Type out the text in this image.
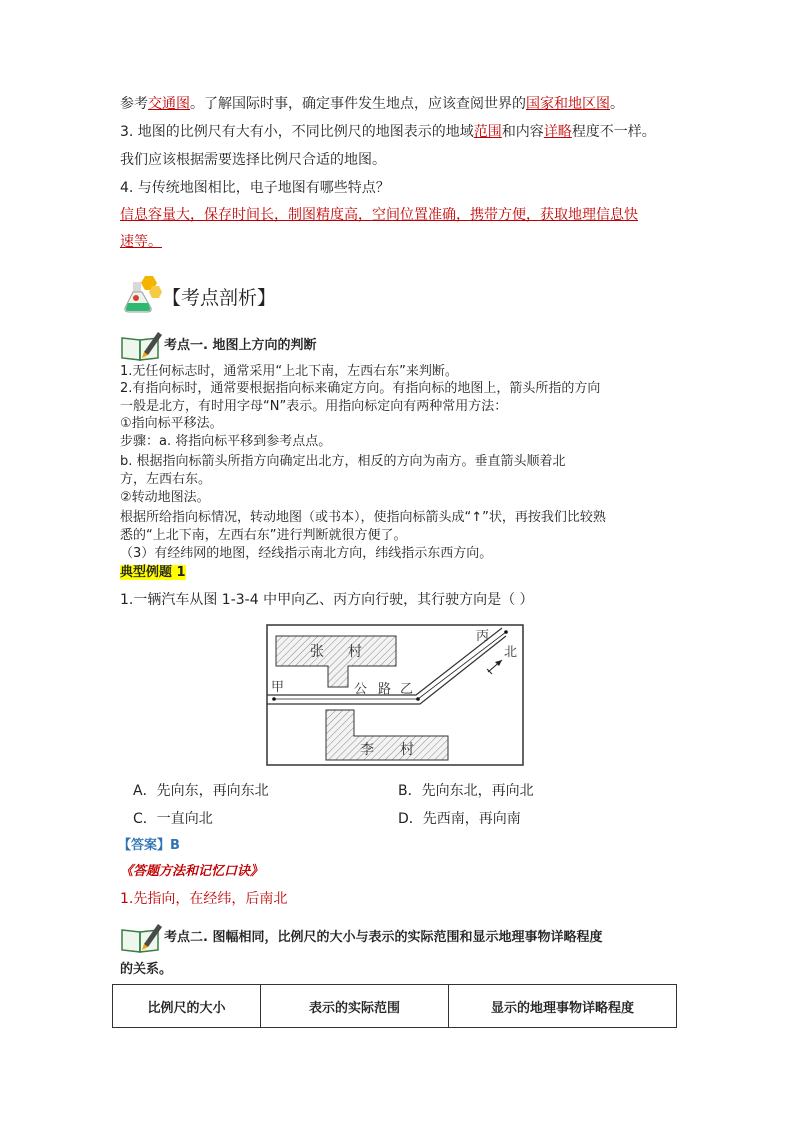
参考交通图。了解国际时事，确定事件发生地点，应该查阅世界的国家和地区图。
3. 地图的比例尺有大有小，不同比例尺的地图表示的地域范围和内容详略程度不一样。
我们应该根据需要选择比例尺合适的地图。
4. 与传统地图相比，电子地图有哪些特点？
信息容量大，保存时间长，制图精度高，空间位置准确，携带方便，获取地理信息快
速等。
【考点剖析】
考点一. 地图上方向的判断
1.无任何标志时，通常采用“上北下南，左西右东”来判断。
2.有指向标时，通常要根据指向标来确定方向。有指向标的地图上，箭头所指的方向
一般是北方，有时用字母“N”表示。用指向标定向有两种常用方法：
①指向标平移法。
步骤：a. 将指向标平移到参考点点。
b. 根据指向标箭头所指方向确定出北方，相反的方向为南方。垂直箭头顺着北
方，左西右东。
②转动地图法。
根据所给指向标情况，转动地图（或书本），使指向标箭头成“↑”状，再按我们比较熟
悉的“上北下南，左西右东”进行判断就很方便了。
（3）有经纬网的地图，经线指示南北方向，纬线指示东西方向。
典型例题 1
1.一辆汽车从图 1-3-4 中甲向乙、丙方向行驶，其行驶方向是（ ）
张 村
李 村
甲	公 路 乙
丙
北
A．先向东，再向东北	B．先向东北，再向北
C．一直向北	D．先西南，再向南
【答案】B
《答题方法和记忆口诀》
1.先指向，在经纬，后南北
考点二. 图幅相同，比例尺的大小与表示的实际范围和显示地理事物详略程度
的关系。
比例尺的大小	表示的实际范围	显示的地理事物详略程度
